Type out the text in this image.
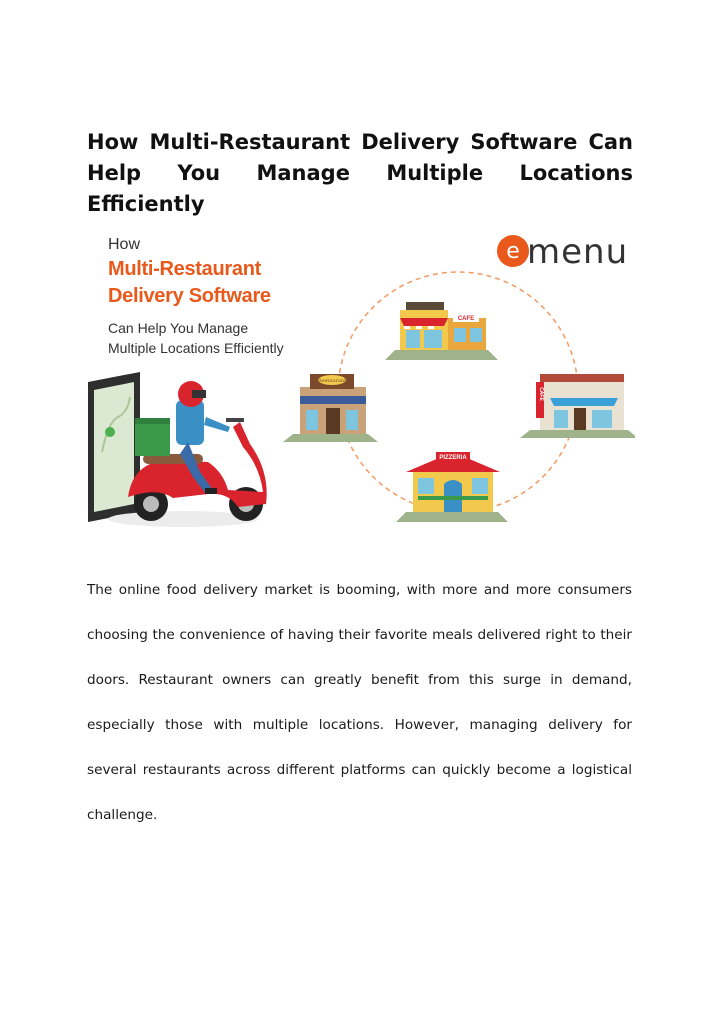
How Multi-Restaurant Delivery Software Can Help You Manage Multiple Locations Efficiently
e
CAFE
Restaurant
CAFE
PIZZERIA
How
Multi-Restaurant
Delivery Software
Can Help You Manage
Multiple Locations Efficiently
menu

The online food delivery market is booming, with more and more consumers choosing the convenience of having their favorite meals delivered right to their doors. Restaurant owners can greatly benefit from this surge in demand, especially those with multiple locations. However, managing delivery for several restaurants across different platforms can quickly become a logistical challenge.
